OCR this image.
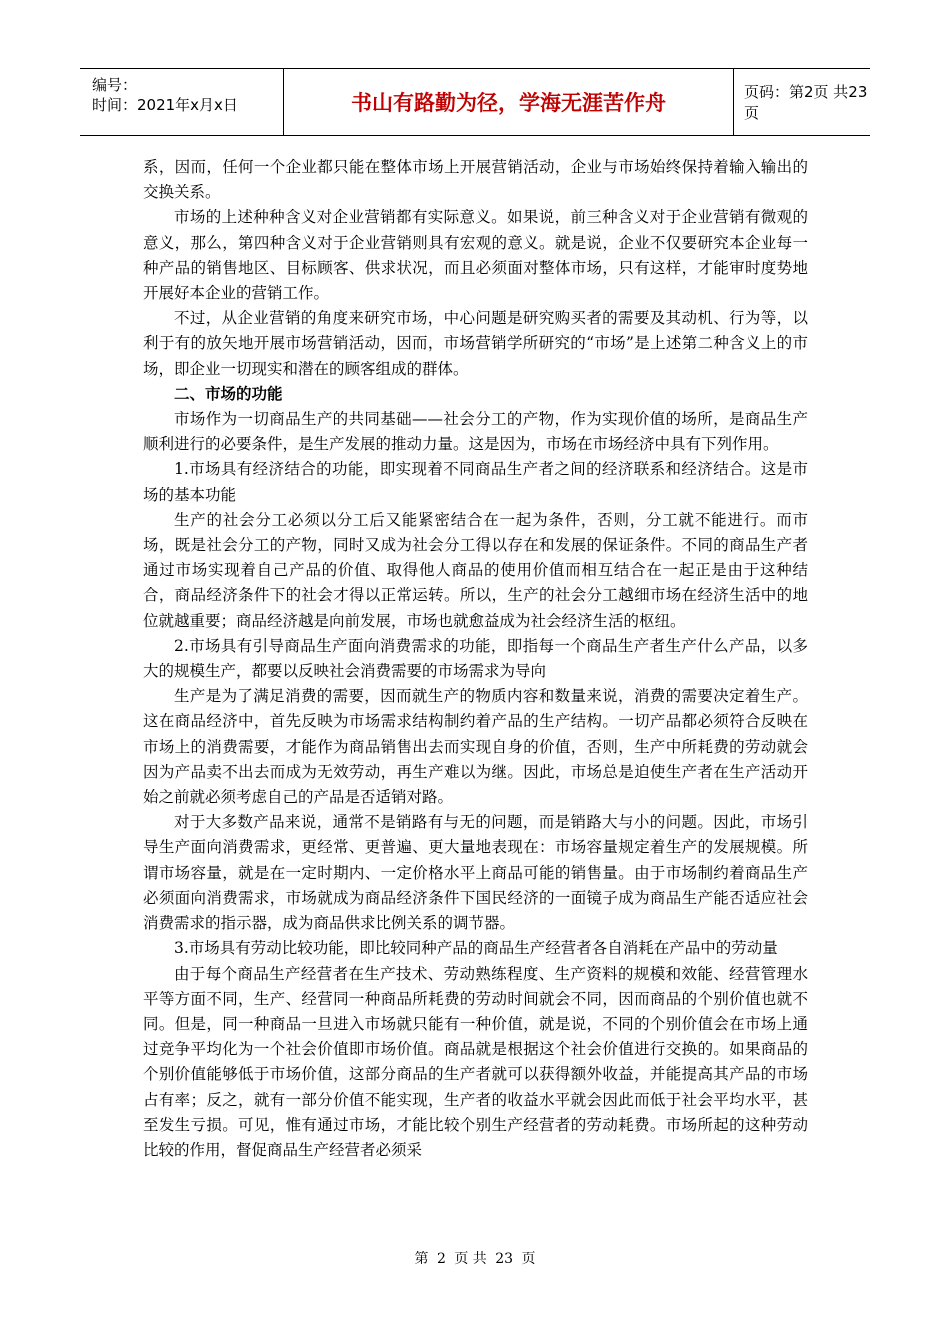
编号：
时间：2021年x月x日	书山有路勤为径，学海无涯苦作舟	页码：第2页 共23页

系，因而，任何一个企业都只能在整体市场上开展营销活动，企业与市场始终保持着输入输出的交换关系。

市场的上述种种含义对企业营销都有实际意义。如果说，前三种含义对于企业营销有微观的意义，那么，第四种含义对于企业营销则具有宏观的意义。就是说，企业不仅要研究本企业每一种产品的销售地区、目标顾客、供求状况，而且必须面对整体市场，只有这样，才能审时度势地开展好本企业的营销工作。

不过，从企业营销的角度来研究市场，中心问题是研究购买者的需要及其动机、行为等，以利于有的放矢地开展市场营销活动，因而，市场营销学所研究的“市场”是上述第二种含义上的市场，即企业一切现实和潜在的顾客组成的群体。

二、市场的功能

市场作为一切商品生产的共同基础——社会分工的产物，作为实现价值的场所，是商品生产顺利进行的必要条件，是生产发展的推动力量。这是因为，市场在市场经济中具有下列作用。

1.市场具有经济结合的功能，即实现着不同商品生产者之间的经济联系和经济结合。这是市场的基本功能

生产的社会分工必须以分工后又能紧密结合在一起为条件，否则，分工就不能进行。而市场，既是社会分工的产物，同时又成为社会分工得以存在和发展的保证条件。不同的商品生产者通过市场实现着自己产品的价值、取得他人商品的使用价值而相互结合在一起正是由于这种结合，商品经济条件下的社会才得以正常运转。所以，生产的社会分工越细市场在经济生活中的地位就越重要；商品经济越是向前发展，市场也就愈益成为社会经济生活的枢纽。

2.市场具有引导商品生产面向消费需求的功能，即指每一个商品生产者生产什么产品，以多大的规模生产，都要以反映社会消费需要的市场需求为导向

生产是为了满足消费的需要，因而就生产的物质内容和数量来说，消费的需要决定着生产。这在商品经济中，首先反映为市场需求结构制约着产品的生产结构。一切产品都必须符合反映在市场上的消费需要，才能作为商品销售出去而实现自身的价值，否则，生产中所耗费的劳动就会因为产品卖不出去而成为无效劳动，再生产难以为继。因此，市场总是迫使生产者在生产活动开始之前就必须考虑自己的产品是否适销对路。

对于大多数产品来说，通常不是销路有与无的问题，而是销路大与小的问题。因此，市场引导生产面向消费需求，更经常、更普遍、更大量地表现在：市场容量规定着生产的发展规模。所谓市场容量，就是在一定时期内、一定价格水平上商品可能的销售量。由于市场制约着商品生产必须面向消费需求，市场就成为商品经济条件下国民经济的一面镜子成为商品生产能否适应社会消费需求的指示器，成为商品供求比例关系的调节器。

3.市场具有劳动比较功能，即比较同种产品的商品生产经营者各自消耗在产品中的劳动量

由于每个商品生产经营者在生产技术、劳动熟练程度、生产资料的规模和效能、经营管理水平等方面不同，生产、经营同一种商品所耗费的劳动时间就会不同，因而商品的个别价值也就不同。但是，同一种商品一旦进入市场就只能有一种价值，就是说，不同的个别价值会在市场上通过竞争平均化为一个社会价值即市场价值。商品就是根据这个社会价值进行交换的。如果商品的个别价值能够低于市场价值，这部分商品的生产者就可以获得额外收益，并能提高其产品的市场占有率；反之，就有一部分价值不能实现，生产者的收益水平就会因此而低于社会平均水平，甚至发生亏损。可见，惟有通过市场，才能比较个别生产经营者的劳动耗费。市场所起的这种劳动比较的作用，督促商品生产经营者必须采

第 2 页 共 23 页
